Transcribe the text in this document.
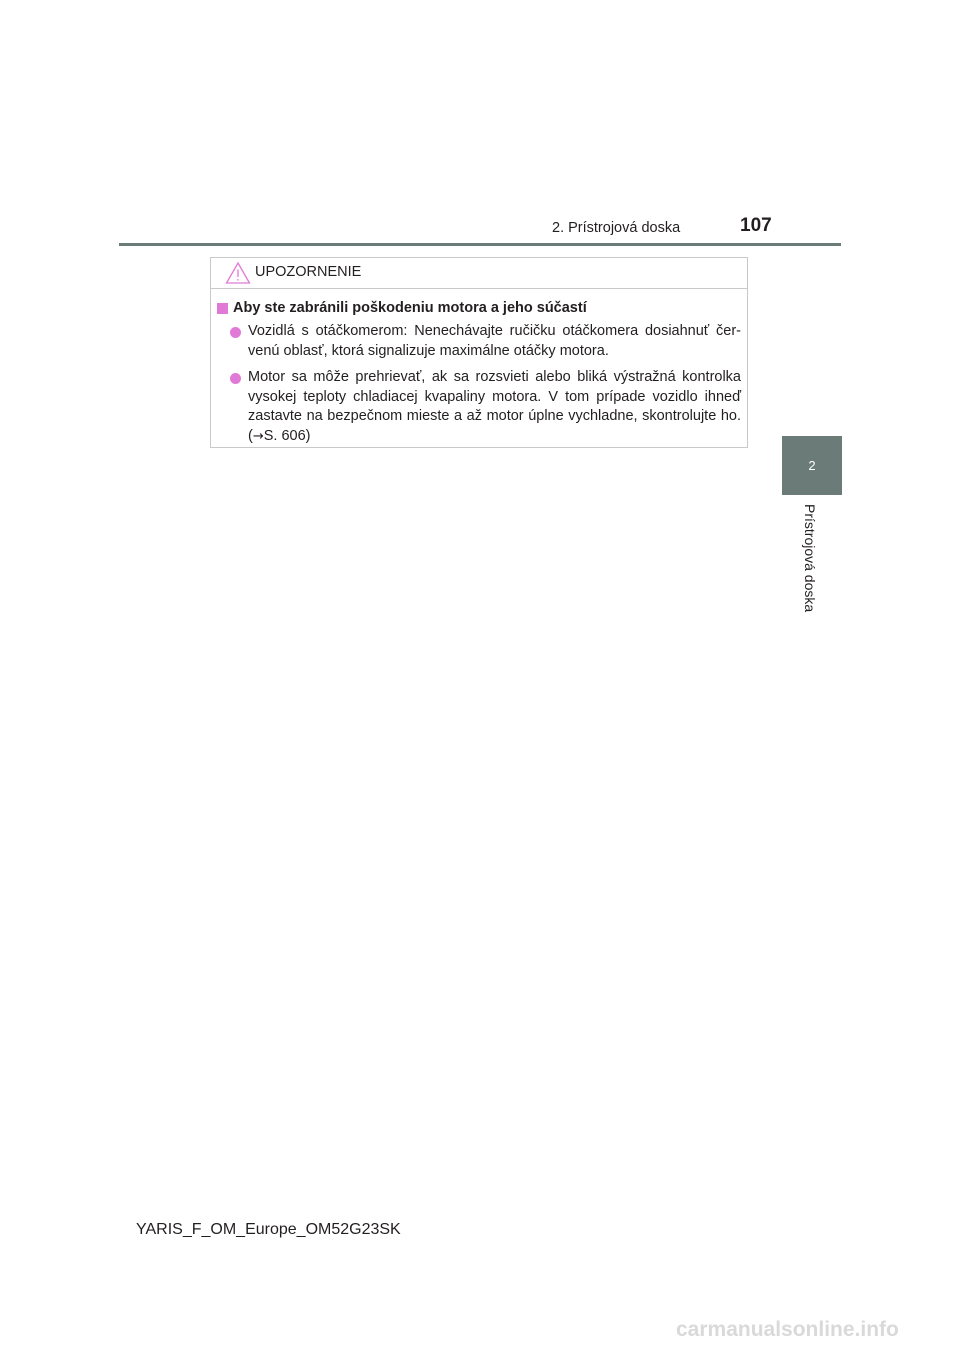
2. Prístrojová doska	107
2
Prístrojová doska
UPOZORNENIE
Aby ste zabránili poškodeniu motora a jeho súčastí
Vozidlá s otáčkomerom: Nenechávajte ručičku otáčkomera dosiahnuť čer-venú oblasť, ktorá signalizuje maximálne otáčky motora.
Motor sa môže prehrievať, ak sa rozsvieti alebo bliká výstražná kontrolka vysokej teploty chladiacej kvapaliny motora. V tom prípade vozidlo ihneď zastavte na bezpečnom mieste a až motor úplne vychladne, skontrolujte ho. (→S. 606)
YARIS_F_OM_Europe_OM52G23SK
carmanualsonline.info
